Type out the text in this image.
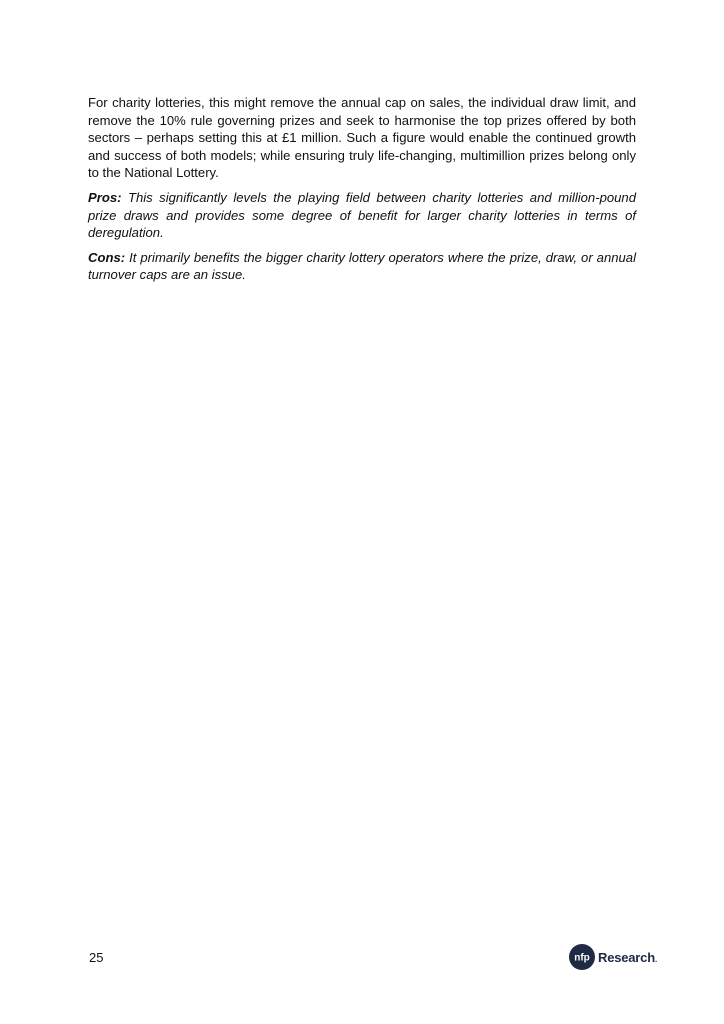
For charity lotteries, this might remove the annual cap on sales, the individual draw limit, and remove the 10% rule governing prizes and seek to harmonise the top prizes offered by both sectors – perhaps setting this at £1 million. Such a figure would enable the continued growth and success of both models; while ensuring truly life-changing, multimillion prizes belong only to the National Lottery.

Pros: This significantly levels the playing field between charity lotteries and million-pound prize draws and provides some degree of benefit for larger charity lotteries in terms of deregulation.

Cons: It primarily benefits the bigger charity lottery operators where the prize, draw, or annual turnover caps are an issue.

25	nfp Research.
